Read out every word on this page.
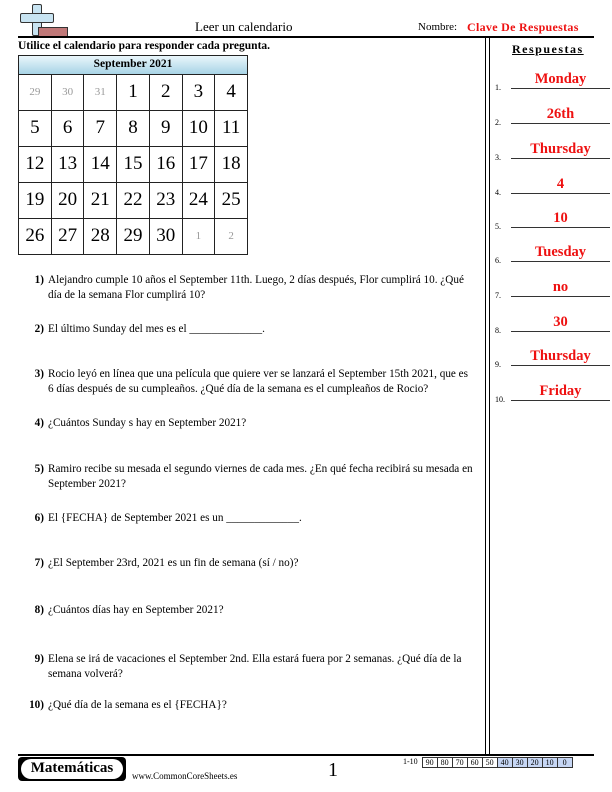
Leer un calendario	Nombre: Clave De Respuestas
Utilice el calendario para responder cada pregunta.
September 2021
29	30	31	1	2	3	4
5	6	7	8	9 10 11
12 13 14 15 16 17 18
19 20 21 22 23 24 25
26 27 28 29 30	1	2
1) Alejandro cumple 10 años el September 11th. Luego, 2 días después, Flor cumplirá 10. ¿Qué día de la semana Flor cumplirá 10?
2) El último Sunday del mes es el _____________.
3) Rocio leyó en línea que una película que quiere ver se lanzará el September 15th 2021, que es 6 días después de su cumpleaños. ¿Qué día de la semana es el cumpleaños de Rocio?
4) ¿Cuántos Sunday s hay en September 2021?
5) Ramiro recibe su mesada el segundo viernes de cada mes. ¿En qué fecha recibirá su mesada en September 2021?
6) El {FECHA} de September 2021 es un _____________.
7) ¿El September 23rd, 2021 es un fin de semana (sí / no)?
8) ¿Cuántos días hay en September 2021?
9) Elena se irá de vacaciones el September 2nd. Ella estará fuera por 2 semanas. ¿Qué día de la semana volverá?
10) ¿Qué día de la semana es el {FECHA}?
Respuestas
1.
Monday
2.
26th
3.
Thursday
4.
4
5.
10
6.
Tuesday
7.
no
8.
30
9.
Thursday
10.
Friday
Matemáticas	www.CommonCoreSheets.es	1	1-10	90 80 70 60 50 40 30 20 10	0
